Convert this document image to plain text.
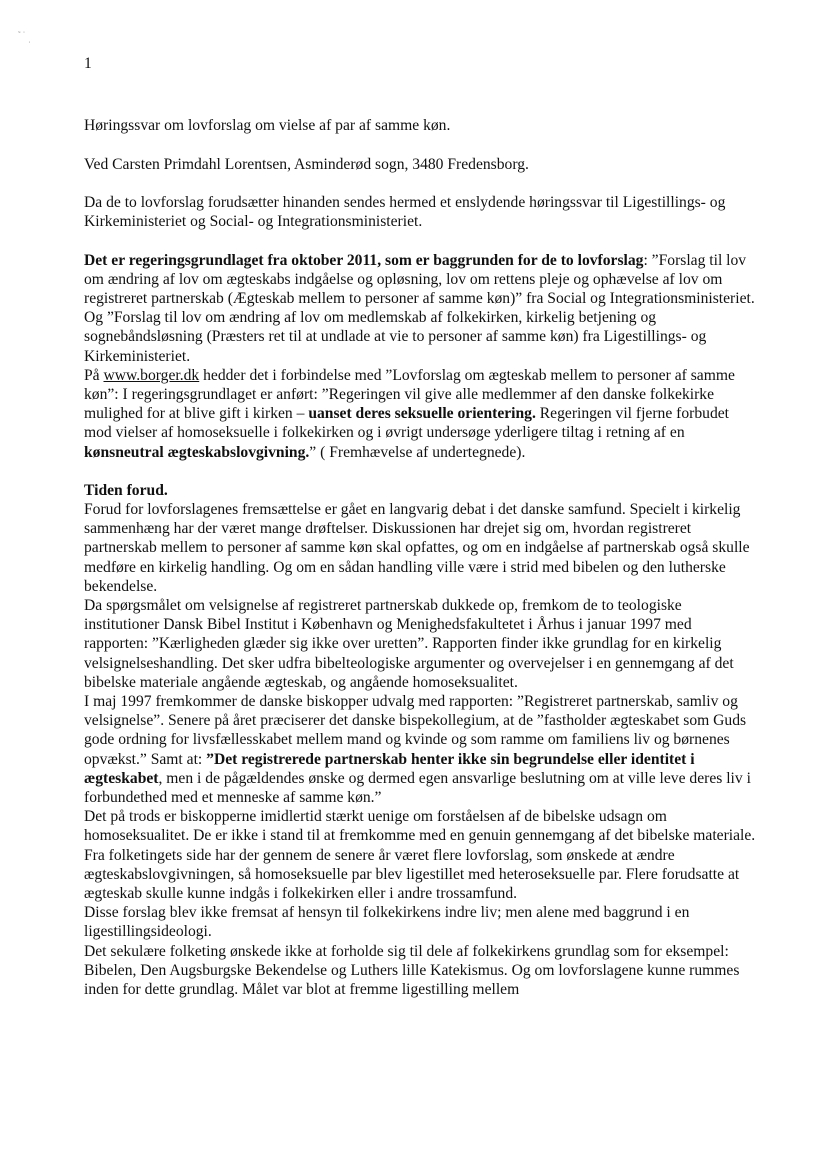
˜ ˙
˙

1

Høringssvar om lovforslag om vielse af par af samme køn.

Ved Carsten Primdahl Lorentsen, Asminderød sogn, 3480 Fredensborg.

Da de to lovforslag forudsætter hinanden sendes hermed et enslydende høringssvar til Ligestillings- og Kirkeministeriet og Social- og Integrationsministeriet.

Det er regeringsgrundlaget fra oktober 2011, som er baggrunden for de to lovforslag: ”Forslag til lov om ændring af lov om ægteskabs indgåelse og opløsning, lov om rettens pleje og ophævelse af lov om registreret partnerskab (Ægteskab mellem to personer af samme køn)” fra Social og Integrationsministeriet. Og ”Forslag til lov om ændring af lov om medlemskab af folkekirken, kirkelig betjening og sognebåndsløsning (Præsters ret til at undlade at vie to personer af samme køn) fra Ligestillings- og Kirkeministeriet.

På www.borger.dk hedder det i forbindelse med ”Lovforslag om ægteskab mellem to personer af samme køn”: I regeringsgrundlaget er anført: ”Regeringen vil give alle medlemmer af den danske folkekirke mulighed for at blive gift i kirken – uanset deres seksuelle orientering. Regeringen vil fjerne forbudet mod vielser af homoseksuelle i folkekirken og i øvrigt undersøge yderligere tiltag i retning af en kønsneutral ægteskabslovgivning.” ( Fremhævelse af undertegnede).

Tiden forud.

Forud for lovforslagenes fremsættelse er gået en langvarig debat i det danske samfund. Specielt i kirkelig sammenhæng har der været mange drøftelser. Diskussionen har drejet sig om, hvordan registreret partnerskab mellem to personer af samme køn skal opfattes, og om en indgåelse af partnerskab også skulle medføre en kirkelig handling. Og om en sådan handling ville være i strid med bibelen og den lutherske bekendelse.

Da spørgsmålet om velsignelse af registreret partnerskab dukkede op, fremkom de to teologiske institutioner Dansk Bibel Institut i København og Menighedsfakultetet i Århus i januar 1997 med rapporten: ”Kærligheden glæder sig ikke over uretten”. Rapporten finder ikke grundlag for en kirkelig velsignelseshandling. Det sker udfra bibelteologiske argumenter og overvejelser i en gennemgang af det bibelske materiale angående ægteskab, og angående homoseksualitet.

I maj 1997 fremkommer de danske biskopper udvalg med rapporten: ”Registreret partnerskab, samliv og velsignelse”. Senere på året præciserer det danske bispekollegium, at de ”fastholder ægteskabet som Guds gode ordning for livsfællesskabet mellem mand og kvinde og som ramme om familiens liv og børnenes opvækst.” Samt at: ”Det registrerede partnerskab henter ikke sin begrundelse eller identitet i ægteskabet, men i de pågældendes ønske og dermed egen ansvarlige beslutning om at ville leve deres liv i forbundethed med et menneske af samme køn.”

Det på trods er biskopperne imidlertid stærkt uenige om forståelsen af de bibelske udsagn om homoseksualitet. De er ikke i stand til at fremkomme med en genuin gennemgang af det bibelske materiale.

Fra folketingets side har der gennem de senere år været flere lovforslag, som ønskede at ændre ægteskabslovgivningen, så homoseksuelle par blev ligestillet med heteroseksuelle par. Flere forudsatte at ægteskab skulle kunne indgås i folkekirken eller i andre trossamfund.

Disse forslag blev ikke fremsat af hensyn til folkekirkens indre liv; men alene med baggrund i en ligestillingsideologi.

Det sekulære folketing ønskede ikke at forholde sig til dele af folkekirkens grundlag som for eksempel: Bibelen, Den Augsburgske Bekendelse og Luthers lille Katekismus. Og om lovforslagene kunne rummes inden for dette grundlag. Målet var blot at fremme ligestilling mellem
